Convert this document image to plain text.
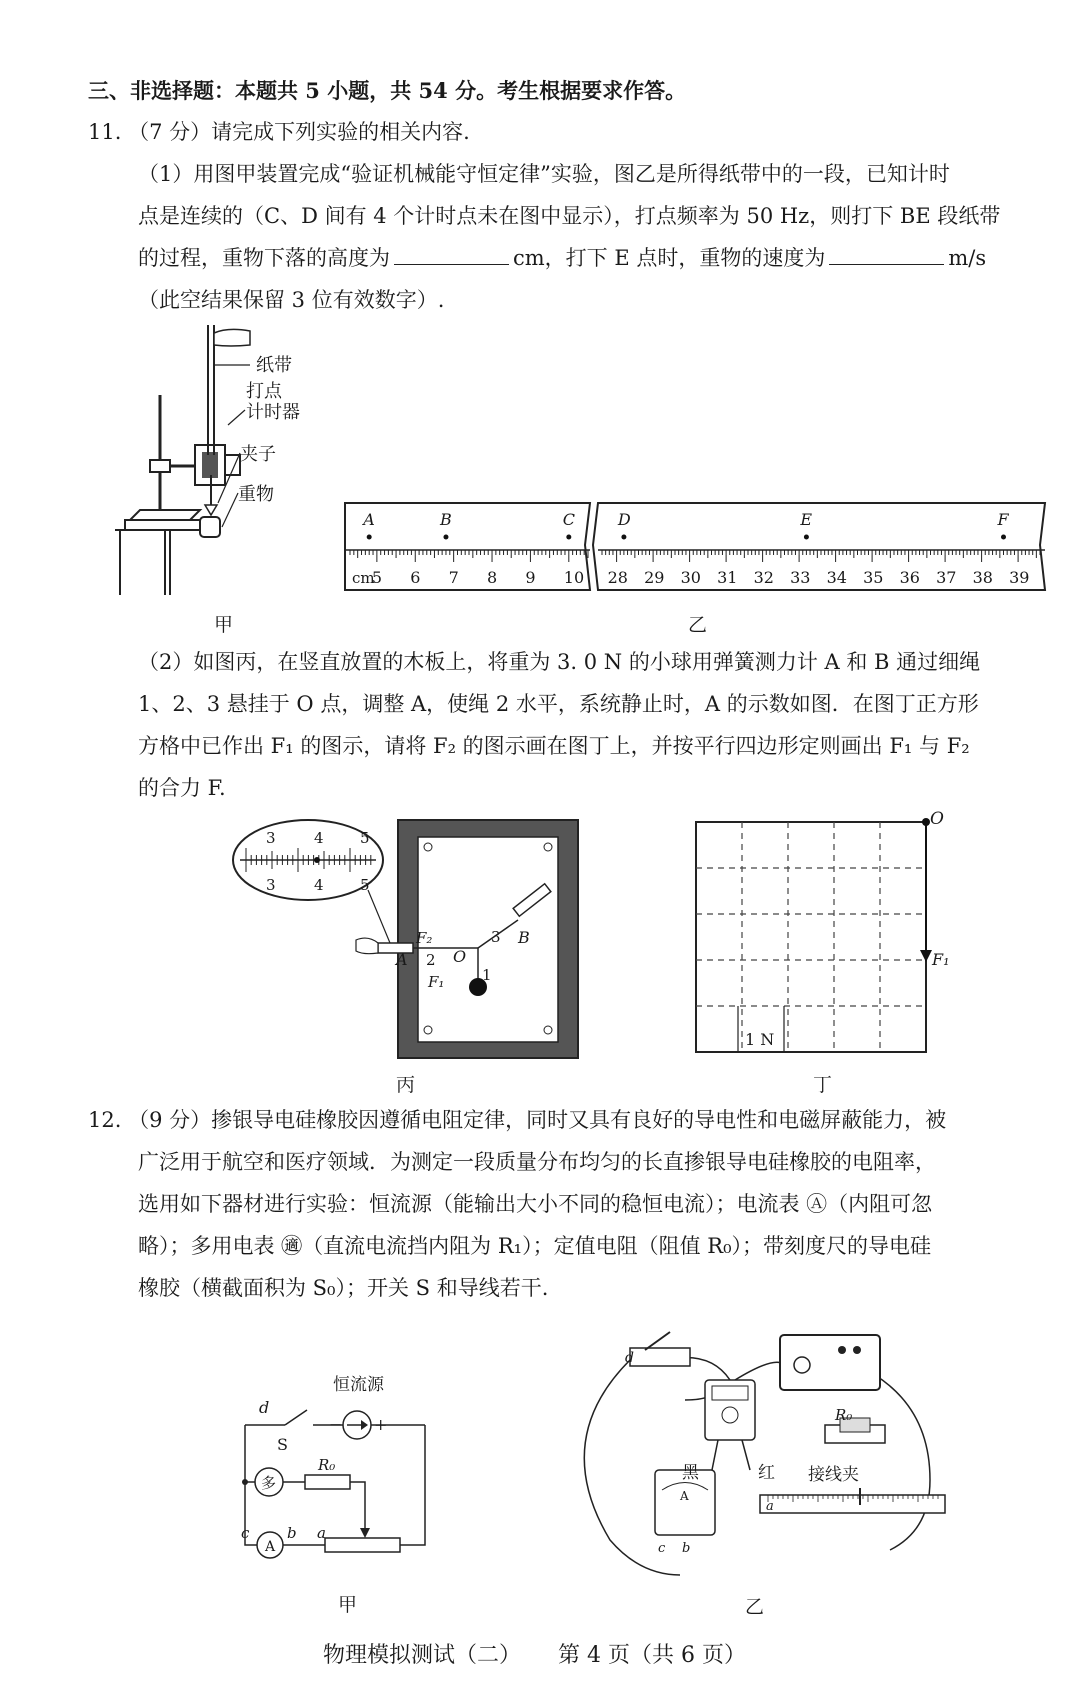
三、非选择题：本题共 5 小题，共 54 分。考生根据要求作答。
11. （7 分）请完成下列实验的相关内容.
（1）用图甲装置完成“验证机械能守恒定律”实验，图乙是所得纸带中的一段，已知计时
点是连续的（C、D 间有 4 个计时点未在图中显示），打点频率为 50 Hz，则打下 BE 段纸带
的过程，重物下落的高度为	cm，打下 E 点时，重物的速度为	m/s
（此空结果保留 3 位有效数字）.
纸带
打点
计时器
夹子
重物
甲
cm
5 6 7 8 9 10 28 29 30 31 32 33 34 35 36 37 38 39
A	B	C	D	E	F
乙
（2）如图丙，在竖直放置的木板上，将重为 3. 0 N 的小球用弹簧测力计 A 和 B 通过细绳
1、2、3 悬挂于 O 点，调整 A，使绳 2 水平，系统静止时，A 的示数如图．在图丁正方形
方格中已作出 F₁ 的图示，请将 F₂ 的图示画在图丁上，并按平行四边形定则画出 F₁ 与 F₂
的合力 F.
A
B
O
F₂
F₁
2
1
3
3	4 5
3	4 5
丙
O
F₁
1 N
丁
12. （9 分）掺银导电硅橡胶因遵循电阻定律，同时又具有良好的导电性和电磁屏蔽能力，被
广泛用于航空和医疗领域．为测定一段质量分布均匀的长直掺银导电硅橡胶的电阻率，
选用如下器材进行实验：恒流源（能输出大小不同的稳恒电流）；电流表 Ⓐ（内阻可忽
略）；多用电表 ㊜（直流电流挡内阻为 R₁）；定值电阻（阻值 R₀）；带刻度尺的导电硅
橡胶（横截面积为 S₀）；开关 S 和导线若干.
恒流源
− +
d
S
多
R₀
A
c	b a
甲
d
R₀
黑	红 接线夹
a
A
c b
乙
物理模拟测试（二） 第 4 页（共 6 页）
